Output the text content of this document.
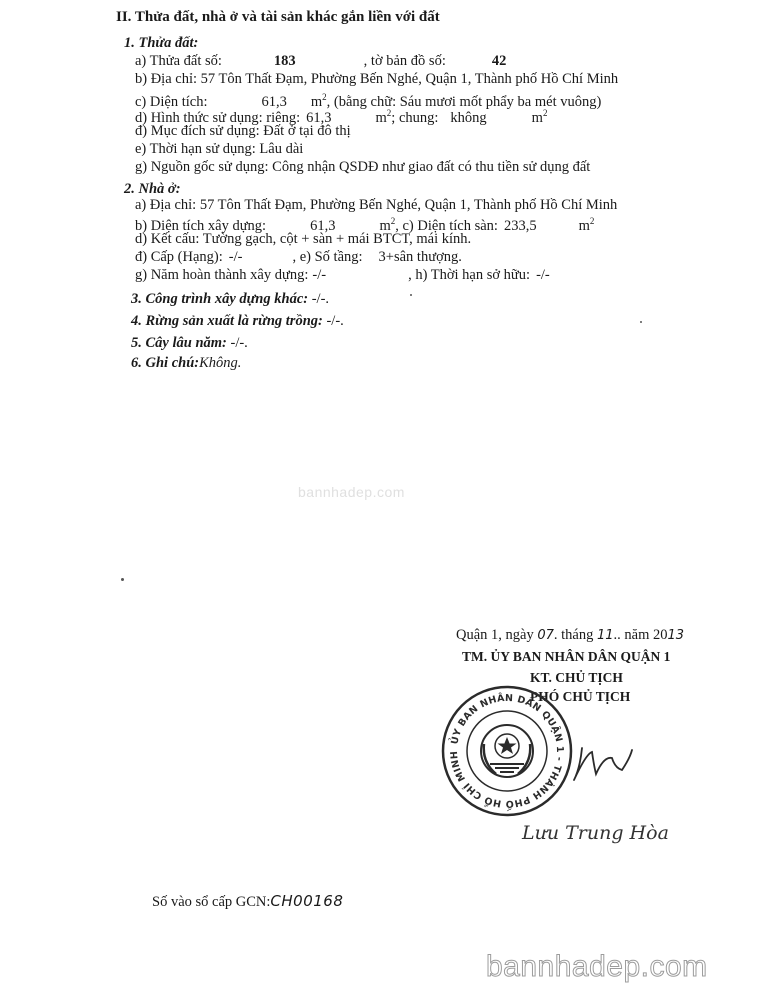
II. Thửa đất, nhà ở và tài sản khác gắn liền với đất
1. Thửa đất:
a) Thửa đất số:	183	, tờ bản đồ số:	42
b) Địa chỉ: 57 Tôn Thất Đạm, Phường Bến Nghé, Quận 1, Thành phố Hồ Chí Minh
c) Diện tích:	61,3 $m^2$, (bằng chữ: Sáu mươi mốt phẩy ba mét vuông)
d) Hình thức sử dụng: riêng: 61,3	$m^2$; chung: không	$m^2$
đ) Mục đích sử dụng: Đất ở tại đô thị
e) Thời hạn sử dụng: Lâu dài
g) Nguồn gốc sử dụng: Công nhận QSDĐ như giao đất có thu tiền sử dụng đất
2. Nhà ở:
a) Địa chỉ: 57 Tôn Thất Đạm, Phường Bến Nghé, Quận 1, Thành phố Hồ Chí Minh
b) Diện tích xây dựng:	61,3	$m^2$, c) Diện tích sàn: 233,5	$m^2$
d) Kết cấu: Tường gạch, cột + sàn + mái BTCT, mái kính.
đ) Cấp (Hạng): -/-	, e) Số tầng: 3+sân thượng.
g) Năm hoàn thành xây dựng: -/-	, h) Thời hạn sở hữu: -/-
3. Công trình xây dựng khác: -/-.
4. Rừng sản xuất là rừng trồng: -/-.
5. Cây lâu năm: -/-.
6. Ghi chú:Không.
bannhadep.com
Quận 1, ngày 07. tháng 11.. năm 2013
TM. ỦY BAN NHÂN DÂN QUẬN 1
KT. CHỦ TỊCH
PHÓ CHỦ TỊCH
ỦY BAN NHÂN DÂN QUẬN 1 - THÀNH PHỐ HỒ CHÍ MINH
Lưu Trung Hòa
Số vào sổ cấp GCN:CH00168
bannhadep.com
